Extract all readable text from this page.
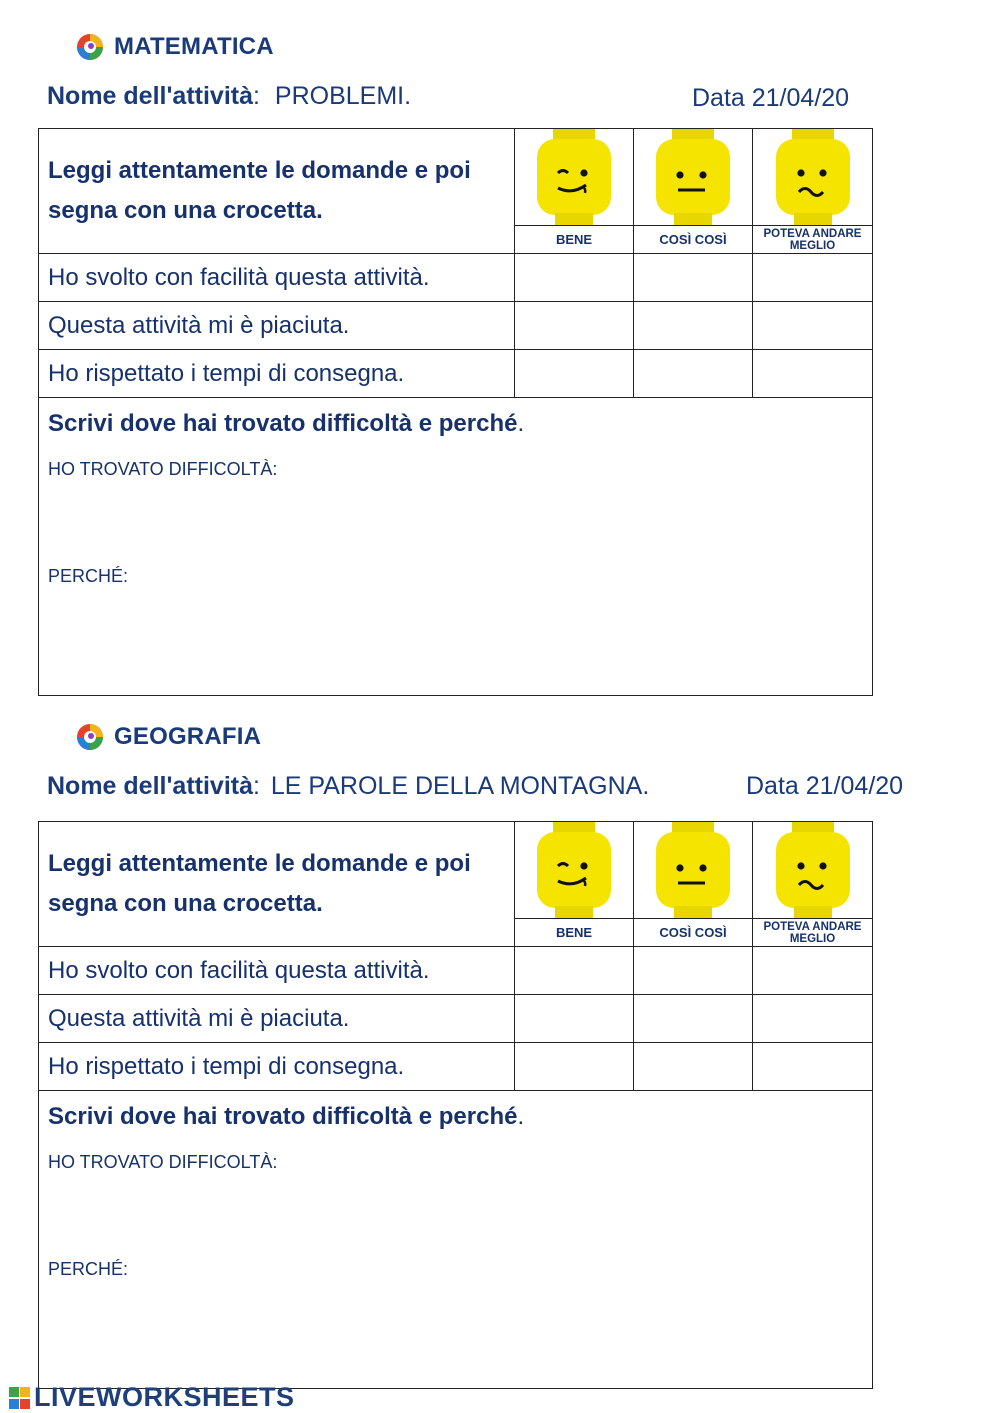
MATEMATICA
Nome dell'attività: PROBLEMI.	Data 21/04/20
Leggi attentamente le domande e poi segna con una crocetta.	BENE	COSÌ COSÌ	POTEVA ANDARE MEGLIO

Ho svolto con facilità questa attività.			
Questa attività mi è piaciuta.			
Ho rispettato i tempi di consegna.			

Scrivi dove hai trovato difficoltà e perché.
HO TROVATO DIFFICOLTÀ:
PERCHÉ:			
GEOGRAFIA
Nome dell'attività: LE PAROLE DELLA MONTAGNA.	Data 21/04/20
Leggi attentamente le domande e poi segna con una crocetta.	BENE	COSÌ COSÌ	POTEVA ANDARE MEGLIO

Ho svolto con facilità questa attività.			
Questa attività mi è piaciuta.			
Ho rispettato i tempi di consegna.			

Scrivi dove hai trovato difficoltà e perché.
HO TROVATO DIFFICOLTÀ:
PERCHÉ:			
LIVEWORKSHEETS
